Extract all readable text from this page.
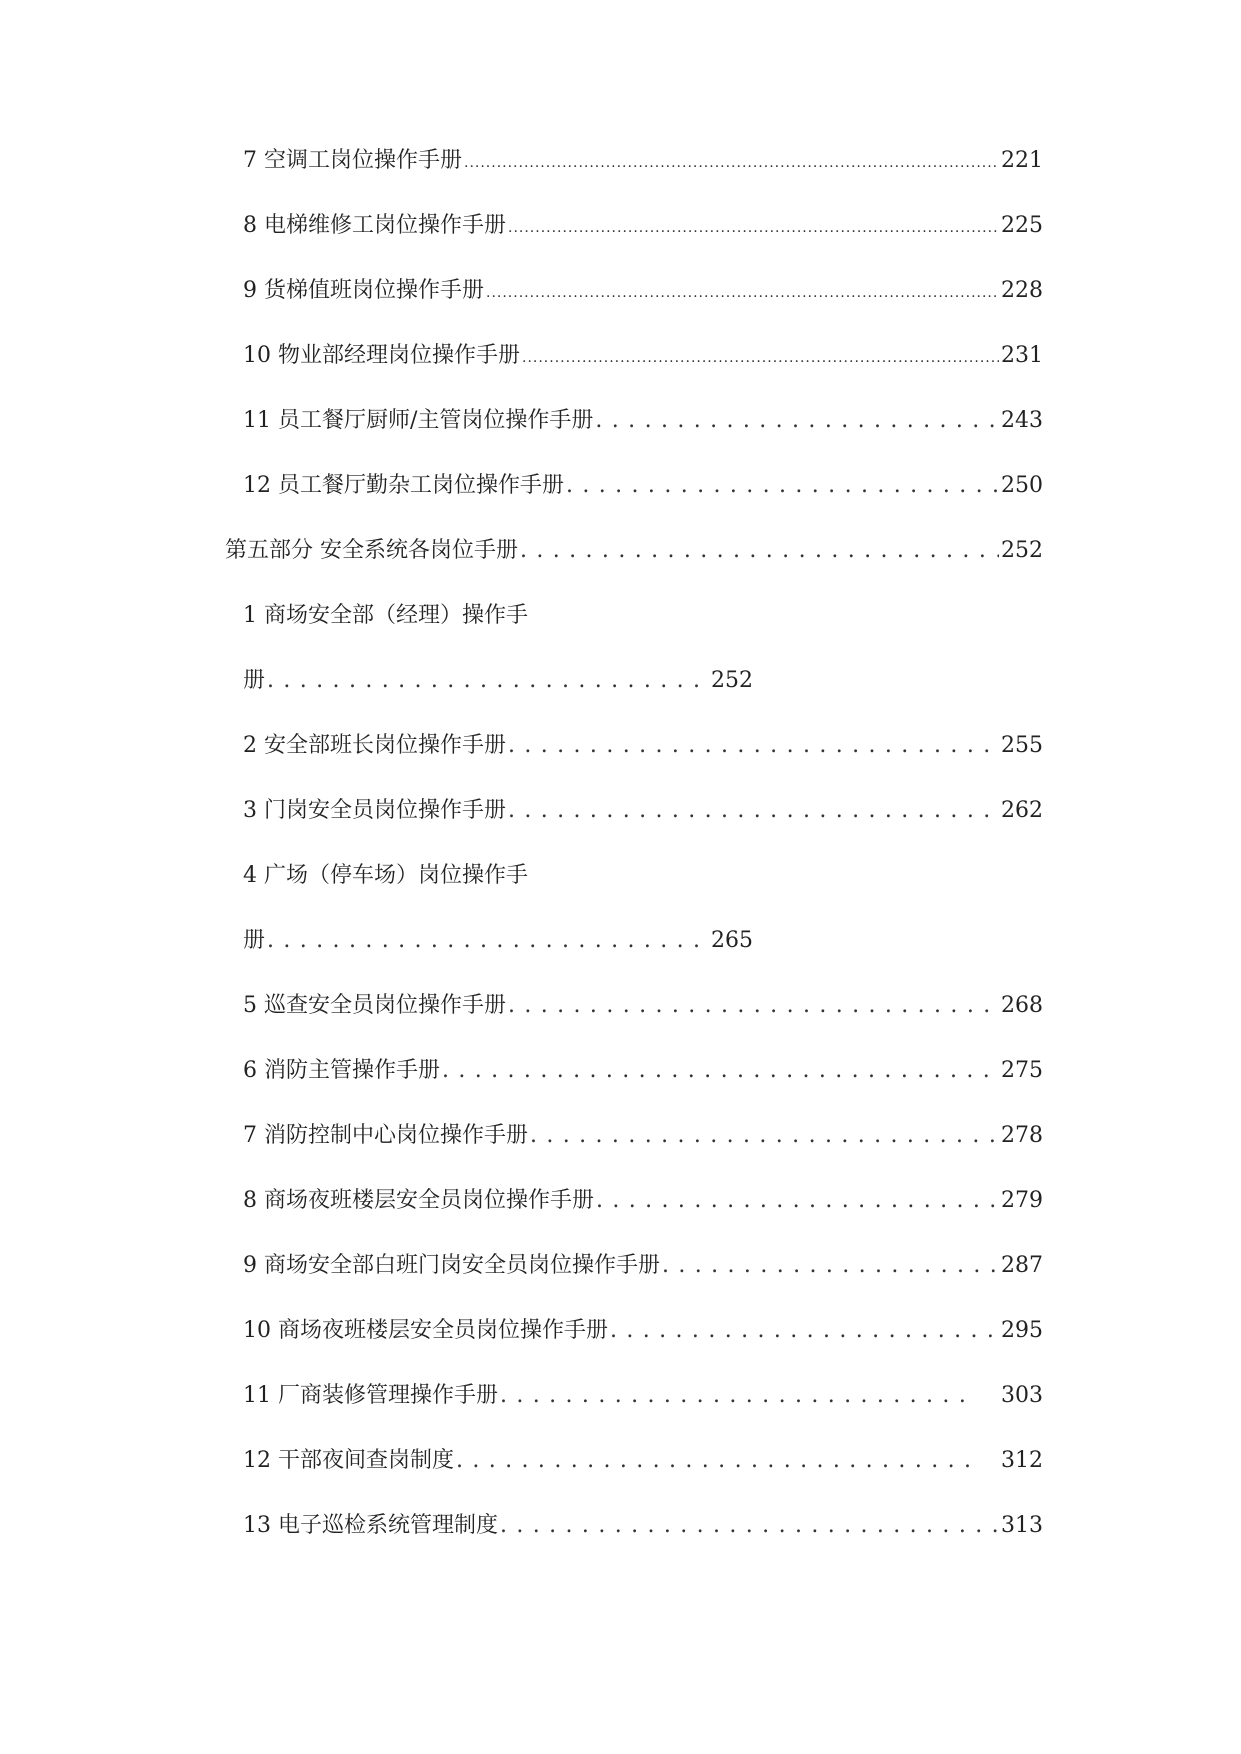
7 空调工岗位操作手册 .....	221
8 电梯维修工岗位操作手册 .....	225
9 货梯值班岗位操作手册 .....	228
10 物业部经理岗位操作手册 .....	231
11 员工餐厅厨师/主管岗位操作手册 . . .	243
12 员工餐厅勤杂工岗位操作手册 . . .	250
第五部分 安全系统各岗位手册 . . .	252
1 商场安全部（经理）操作手
册 . . .	252
2 安全部班长岗位操作手册 . . .	255
3 门岗安全员岗位操作手册 . . .	262
4 广场（停车场）岗位操作手
册 . . .	265
5 巡查安全员岗位操作手册 . . .	268
6 消防主管操作手册 . . .	275
7 消防控制中心岗位操作手册 . . .	278
8 商场夜班楼层安全员岗位操作手册 . . .	279
9 商场安全部白班门岗安全员岗位操作手册 . . .	287
10 商场夜班楼层安全员岗位操作手册 . . .	295
11 厂商装修管理操作手册 . . .	303
12 干部夜间查岗制度 . . .	312
13 电子巡检系统管理制度 . . .	313
